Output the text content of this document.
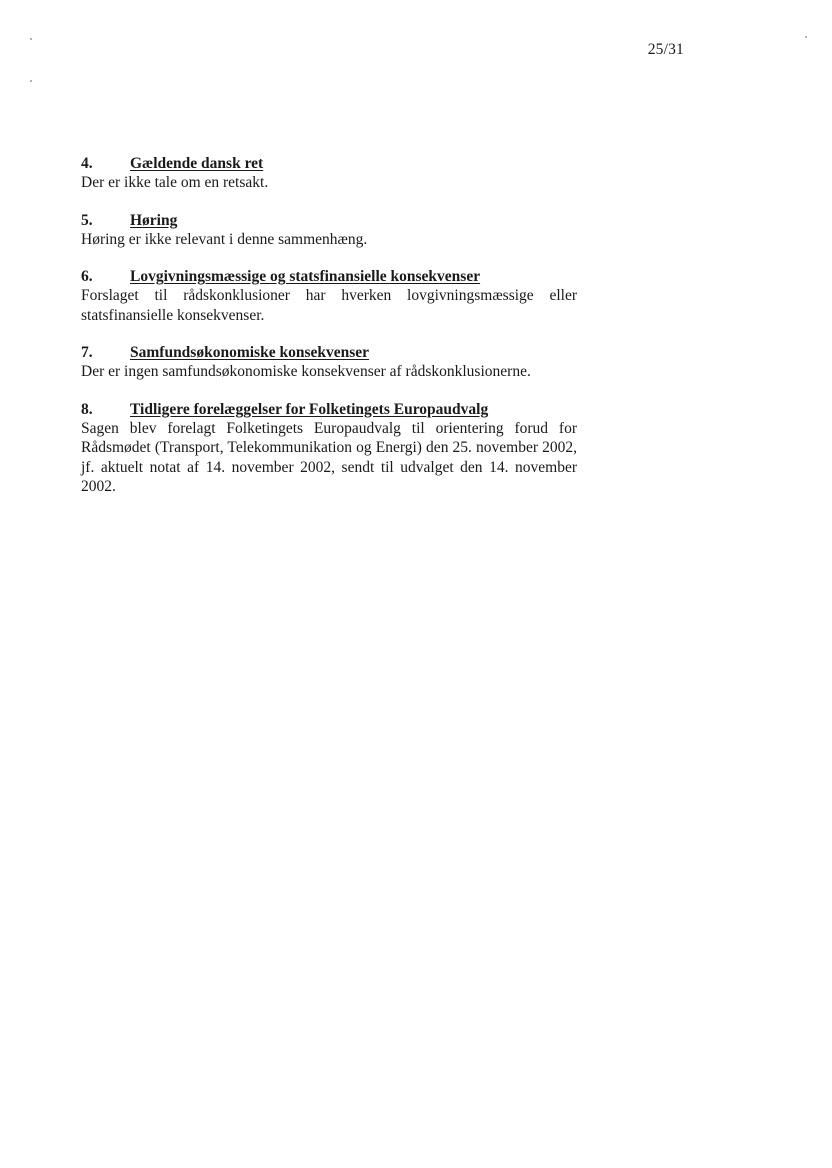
25/31
4.	Gældende dansk ret
Der er ikke tale om en retsakt.
5.	Høring
Høring er ikke relevant i denne sammenhæng.
6.	Lovgivningsmæssige og statsfinansielle konsekvenser
Forslaget til rådskonklusioner har hverken lovgivningsmæssige eller statsfinansielle konsekvenser.
7.	Samfundsøkonomiske konsekvenser
Der er ingen samfundsøkonomiske konsekvenser af rådskonklusionerne.
8.	Tidligere forelæggelser for Folketingets Europaudvalg
Sagen blev forelagt Folketingets Europaudvalg til orientering forud for Rådsmødet (Transport, Telekommunikation og Energi) den 25. november 2002, jf. aktuelt notat af 14. november 2002, sendt til udvalget den 14. november 2002.
